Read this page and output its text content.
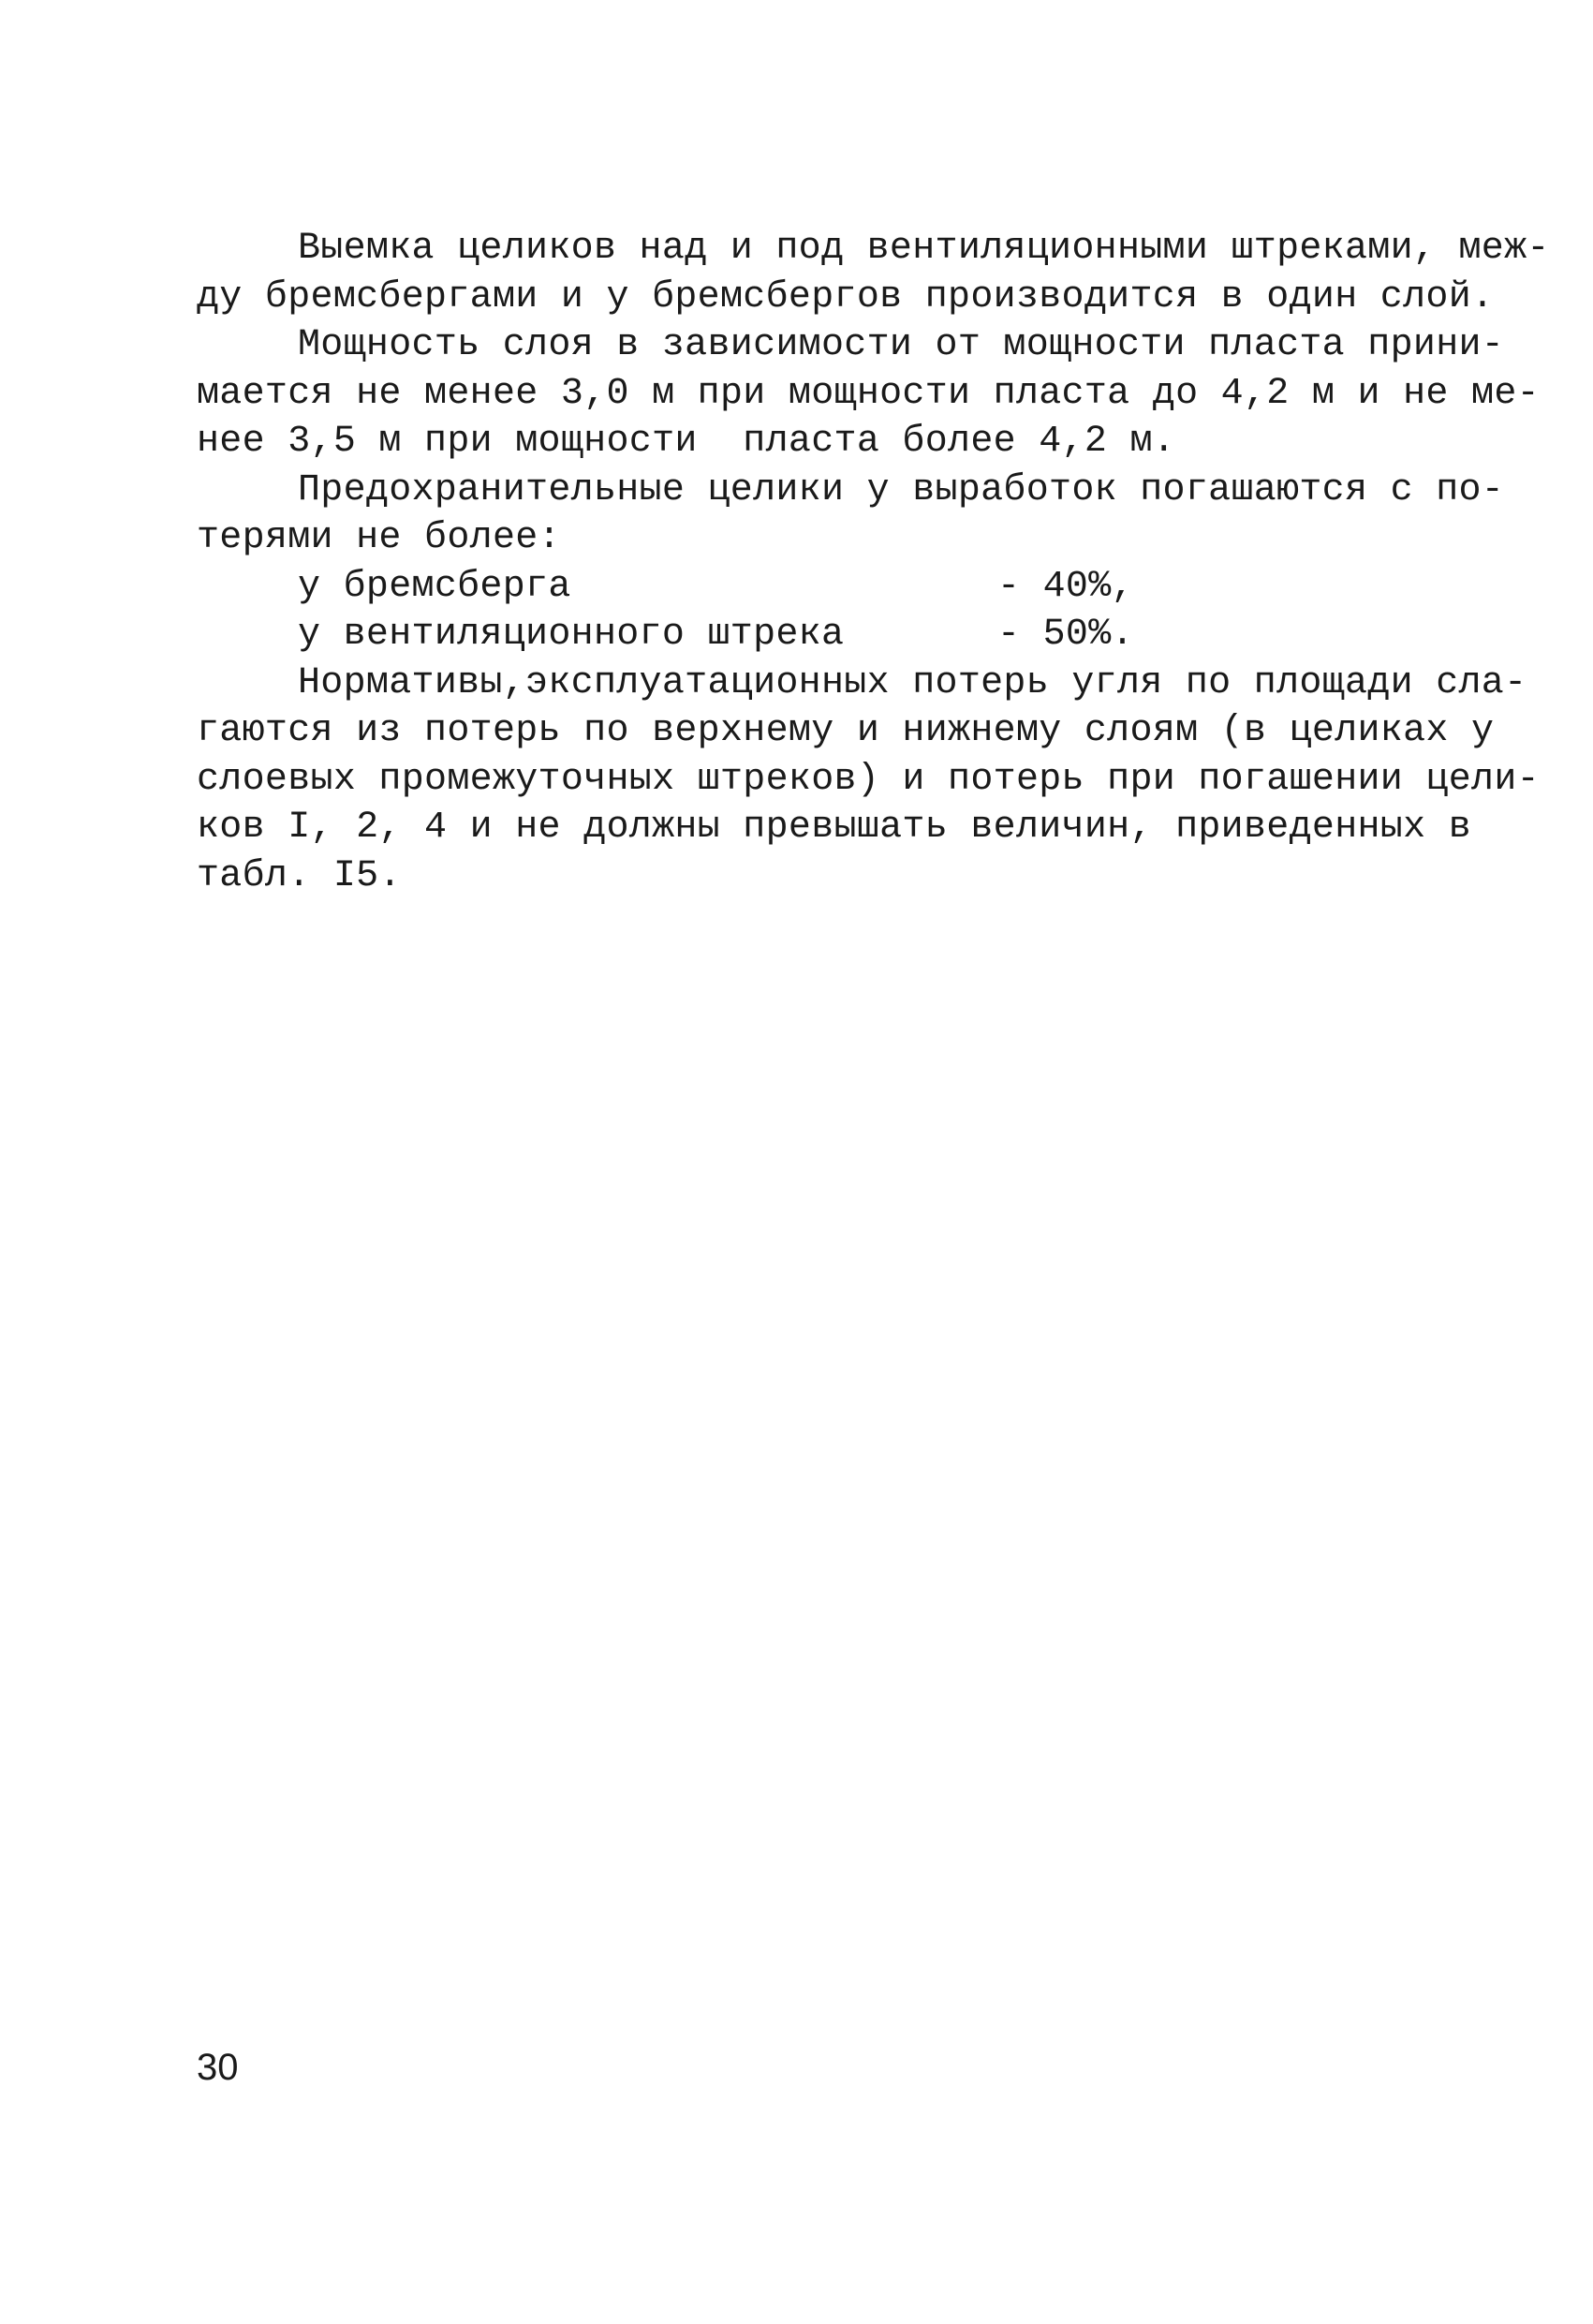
Выемка целиков над и под вентиляционными штреками, меж-
ду бремсбергами и у бремсбергов производится в один слой.
Мощность слоя в зависимости от мощности пласта прини-
мается не менее 3,0 м при мощности пласта до 4,2 м и не ме-
нее 3,5 м при мощности  пласта более 4,2 м.
Предохранительные целики у выработок погашаются с по-
терями не более:
у бремсберга	- 40%,
у вентиляционного штрека	- 50%.
Нормативы,эксплуатационных потерь угля по площади сла-
гаются из потерь по верхнему и нижнему слоям (в целиках у
слоевых промежуточных штреков) и потерь при погашении цели-
ков I, 2, 4 и не должны превышать величин, приведенных в
табл. I5.
30
